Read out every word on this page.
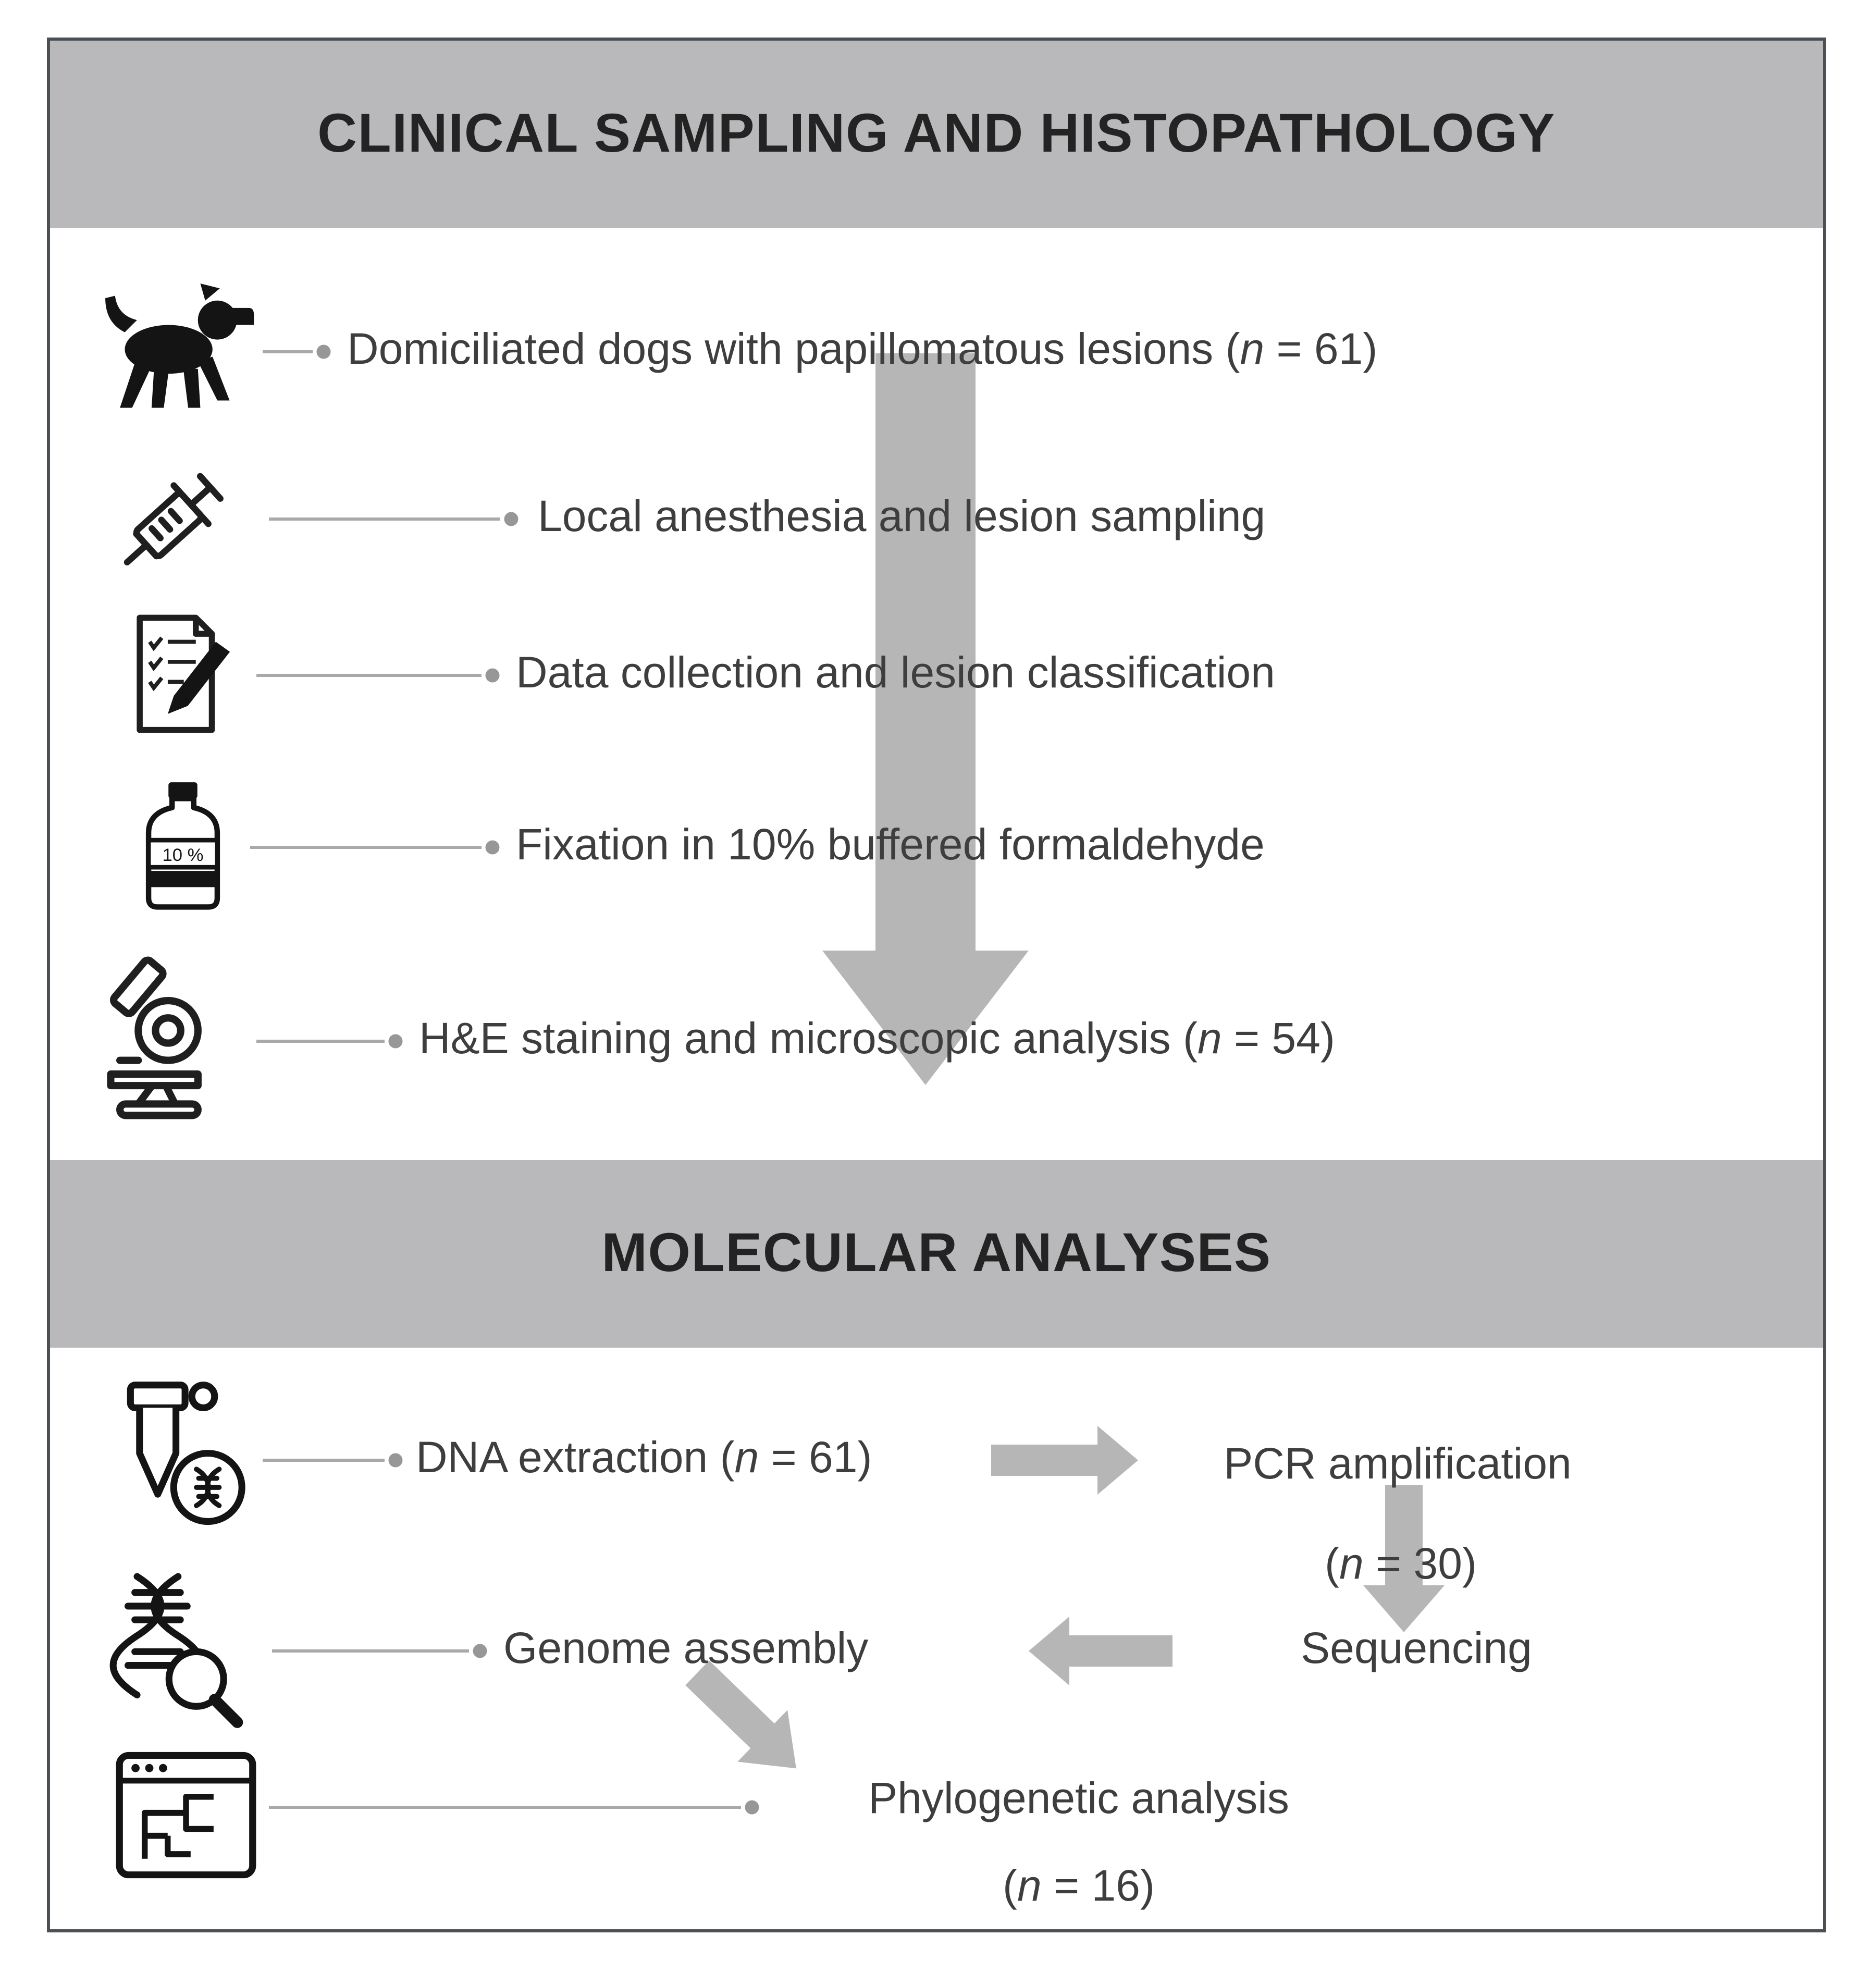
CLINICAL SAMPLING AND HISTOPATHOLOGY
MOLECULAR ANALYSES
Domiciliated dogs with papillomatous lesions (n = 61)
Local anesthesia and lesion sampling
Data collection and lesion classification
10 %	Fixation in 10% buffered formaldehyde
H&E staining and microscopic analysis (n = 54)
DNA extraction (n = 61)	PCR amplification
(n = 30)
Genome assembly	Sequencing
Phylogenetic analysis
(n = 16)
